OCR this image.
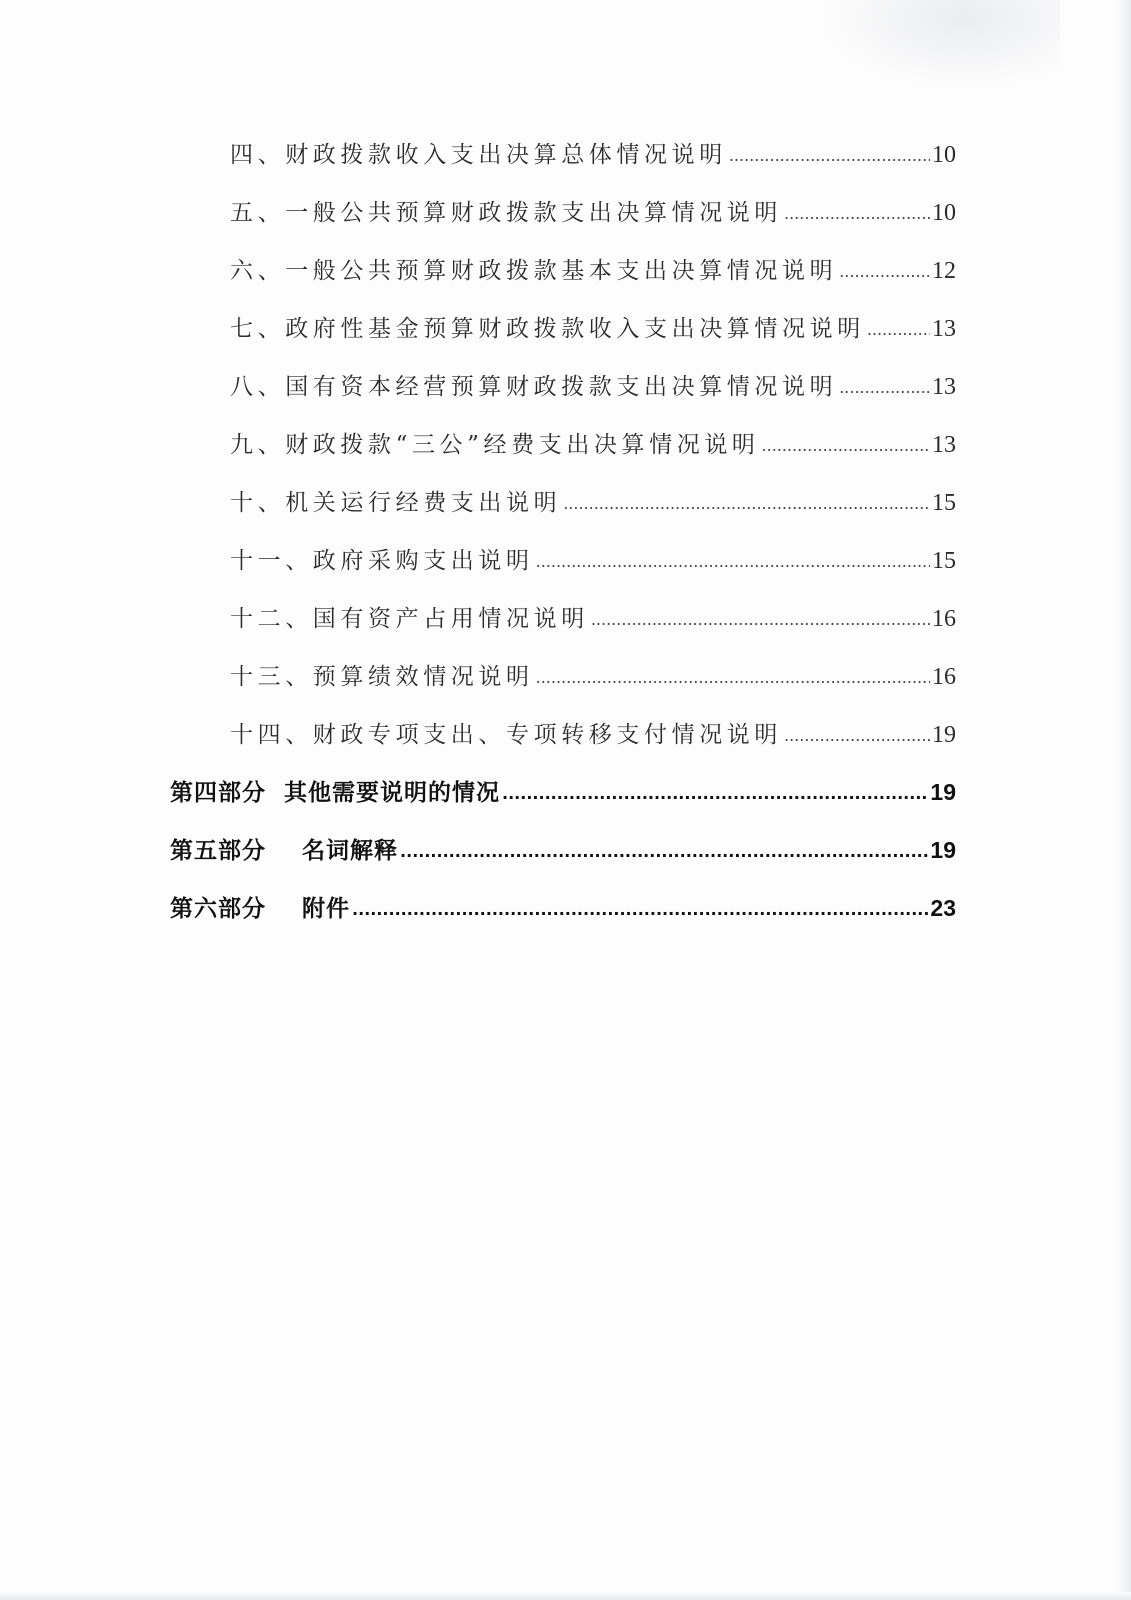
四、财政拨款收入支出决算总体情况说明 .....	10
五、一般公共预算财政拨款支出决算情况说明 .....	10
六、一般公共预算财政拨款基本支出决算情况说明 .....	12
七、政府性基金预算财政拨款收入支出决算情况说明 .....	13
八、国有资本经营预算财政拨款支出决算情况说明 .....	13
九、财政拨款“三公”经费支出决算情况说明 .....	13
十、机关运行经费支出说明 .....	15
十一、政府采购支出说明 .....	15
十二、国有资产占用情况说明 .....	16
十三、预算绩效情况说明 .....	16
十四、财政专项支出、专项转移支付情况说明 .....	19
第四部分  其他需要说明的情况 .....	19
第五部分    名词解释 .....	19
第六部分    附件 .....	23
